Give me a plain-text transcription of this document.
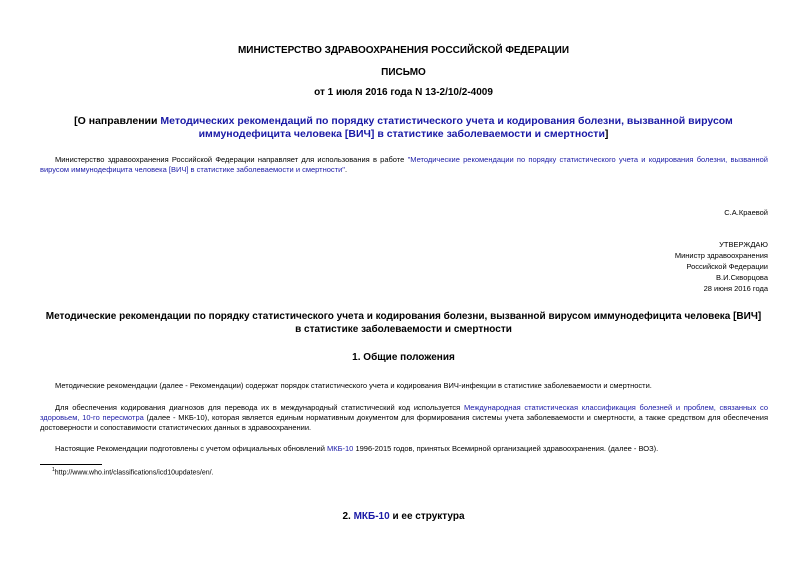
МИНИСТЕРСТВО ЗДРАВООХРАНЕНИЯ РОССИЙСКОЙ ФЕДЕРАЦИИ
ПИСЬМО
от 1 июля 2016 года N 13-2/10/2-4009
[О направлении Методических рекомендаций по порядку статистического учета и кодирования болезни, вызванной вирусом иммунодефицита человека [ВИЧ] в статистике заболеваемости и смертности]
Министерство здравоохранения Российской Федерации направляет для использования в работе "Методические рекомендации по порядку статистического учета и кодирования болезни, вызванной вирусом иммунодефицита человека [ВИЧ] в статистике заболеваемости и смертности".
С.А.Краевой
УТВЕРЖДАЮ
Министр здравоохранения
Российской Федерации
В.И.Скворцова
28 июня 2016 года
Методические рекомендации по порядку статистического учета и кодирования болезни, вызванной вирусом иммунодефицита человека [ВИЧ] в статистике заболеваемости и смертности
1. Общие положения
Методические рекомендации (далее - Рекомендации) содержат порядок статистического учета и кодирования ВИЧ-инфекции в статистике заболеваемости и смертности.
Для обеспечения кодирования диагнозов для перевода их в международный статистический код используется Международная статистическая классификация болезней и проблем, связанных со здоровьем, 10-го пересмотра (далее - МКБ-10), которая является единым нормативным документом для формирования системы учета заболеваемости и смертности, а также средством для обеспечения достоверности и сопоставимости статистических данных в здравоохранении.
Настоящие Рекомендации подготовлены с учетом официальных обновлений МКБ-10 1996-2015 годов, принятых Всемирной организацией здравоохранения. (далее - ВОЗ).
$^1$http://www.who.int/classifications/icd10updates/en/.
2. МКБ-10 и ее структура
